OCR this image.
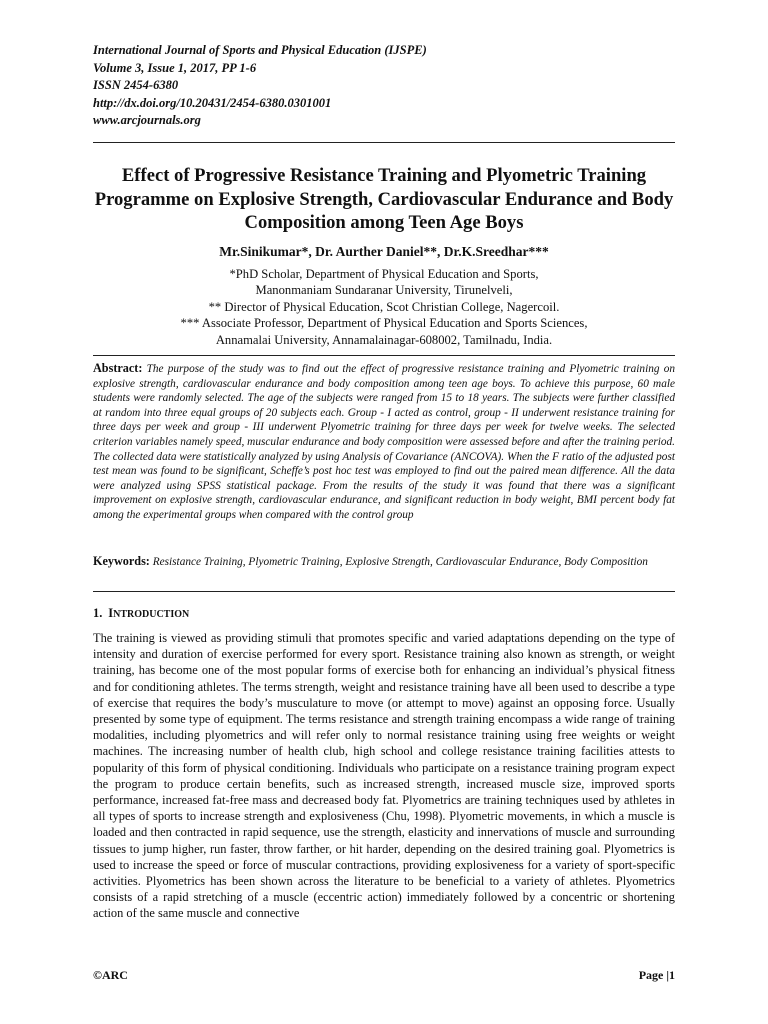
International Journal of Sports and Physical Education (IJSPE)
Volume 3, Issue 1, 2017, PP 1-6
ISSN 2454-6380
http://dx.doi.org/10.20431/2454-6380.0301001
www.arcjournals.org
Effect of Progressive Resistance Training and Plyometric Training Programme on Explosive Strength, Cardiovascular Endurance and Body Composition among Teen Age Boys
Mr.Sinikumar*, Dr. Aurther Daniel**, Dr.K.Sreedhar***
*PhD Scholar, Department of Physical Education and Sports,
Manonmaniam Sundaranar University, Tirunelveli,
** Director of Physical Education, Scot Christian College, Nagercoil.
*** Associate Professor, Department of Physical Education and Sports Sciences,
Annamalai University, Annamalainagar-608002, Tamilnadu, India.
Abstract: The purpose of the study was to find out the effect of progressive resistance training and Plyometric training on explosive strength, cardiovascular endurance and body composition among teen age boys. To achieve this purpose, 60 male students were randomly selected. The age of the subjects were ranged from 15 to 18 years. The subjects were further classified at random into three equal groups of 20 subjects each. Group - I acted as control, group - II underwent resistance training for three days per week and group - III underwent Plyometric training for three days per week for twelve weeks. The selected criterion variables namely speed, muscular endurance and body composition were assessed before and after the training period. The collected data were statistically analyzed by using Analysis of Covariance (ANCOVA). When the F ratio of the adjusted post test mean was found to be significant, Scheffe’s post hoc test was employed to find out the paired mean difference. All the data were analyzed using SPSS statistical package. From the results of the study it was found that there was a significant improvement on explosive strength, cardiovascular endurance, and significant reduction in body weight, BMI percent body fat among the experimental groups when compared with the control group
Keywords: Resistance Training, Plyometric Training, Explosive Strength, Cardiovascular Endurance, Body Composition
1. INTRODUCTION
The training is viewed as providing stimuli that promotes specific and varied adaptations depending on the type of intensity and duration of exercise performed for every sport. Resistance training also known as strength, or weight training, has become one of the most popular forms of exercise both for enhancing an individual’s physical fitness and for conditioning athletes. The terms strength, weight and resistance training have all been used to describe a type of exercise that requires the body’s musculature to move (or attempt to move) against an opposing force. Usually presented by some type of equipment. The terms resistance and strength training encompass a wide range of training modalities, including plyometrics and will refer only to normal resistance training using free weights or weight machines. The increasing number of health club, high school and college resistance training facilities attests to popularity of this form of physical conditioning. Individuals who participate on a resistance training program expect the program to produce certain benefits, such as increased strength, increased muscle size, improved sports performance, increased fat-free mass and decreased body fat. Plyometrics are training techniques used by athletes in all types of sports to increase strength and explosiveness (Chu, 1998). Plyometric movements, in which a muscle is loaded and then contracted in rapid sequence, use the strength, elasticity and innervations of muscle and surrounding tissues to jump higher, run faster, throw farther, or hit harder, depending on the desired training goal. Plyometrics is used to increase the speed or force of muscular contractions, providing explosiveness for a variety of sport-specific activities. Plyometrics has been shown across the literature to be beneficial to a variety of athletes. Plyometrics consists of a rapid stretching of a muscle (eccentric action) immediately followed by a concentric or shortening action of the same muscle and connective
©ARC	Page |1
